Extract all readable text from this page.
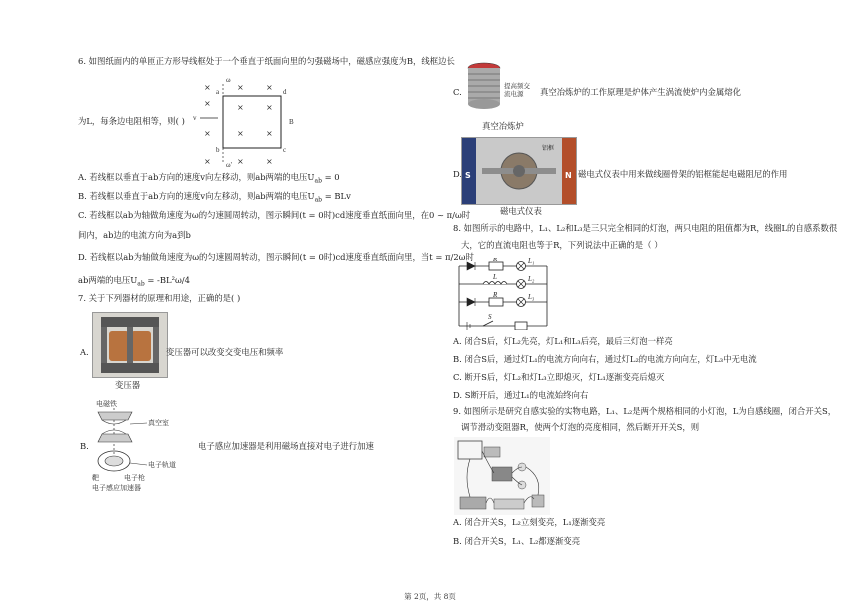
6. 如图纸面内的单匝正方形导线框处于一个垂直于纸面向里的匀强磁场中，磁感应强度为B，线框边长
ω
ω'
a	d
b	c
v	B
×	×	×
×	×	×
×	×	×
×	×	×
为L，每条边电阻相等，则( )
A. 若线框以垂直于ab方向的速度v向左移动，则ab两端的电压$U_{ab} = 0$
B. 若线框以垂直于ab方向的速度v向左移动，则ab两端的电压$U_{ab}$ = BLv
C. 若线框以ab为轴做角速度为ω的匀速圆周转动，图示瞬间(t = 0时)cd速度垂直纸面向里，在0 ~ π/ω时
间内，ab边的电流方向为a到b
D. 若线框以ab为轴做角速度为ω的匀速圆周转动，图示瞬间(t = 0时)cd速度垂直纸面向里，当t = π/2ω时
ab两端的电压$U_{ab} = -BL^2\omega/4$
7. 关于下列器材的原理和用途，正确的是( )
A.	变压器可以改变交变电压和频率
变压器
B.
电磁铁
真空室
电子轨道
靶	电子枪
电子感应加速器
电子感应加速器是利用磁场直接对电子进行加速
C.
提高频交
流电源 真空冶炼炉的工作原理是炉体产生涡流使炉内金属熔化
真空冶炼炉
D. S	N
铝框
磁电式仪表中用来做线圈骨架的铝框能起电磁阻尼的作用
磁电式仪表
8. 如图所示的电路中，L₁、L₂和L₃是三只完全相同的灯泡，两只电阻的阻值都为R，线圈L的自感系数很
大，它的直流电阻也等于R，下列说法中正确的是（ ）
R
L
R
L₁
L₂
L₃
S
A. 闭合S后，灯L₂先亮，灯L₁和L₃后亮，最后三灯泡一样亮
B. 闭合S后，通过灯L₁的电流方向向右，通过灯L₂的电流方向向左，灯L₃中无电流
C. 断开S后，灯L₂和灯L₃立即熄灭，灯L₁逐渐变亮后熄灭
D. S断开后，通过L₁的电流始终向右
9. 如图所示是研究自感实验的实物电路，L₁、L₂是两个规格相同的小灯泡，L为自感线圈，闭合开关S，
调节滑动变阻器R，使两个灯泡的亮度相同，然后断开开关S，则
A. 闭合开关S，L₂立刻变亮，L₁逐渐变亮
B. 闭合开关S，L₁、L₂都逐渐变亮
第 2页，共 8页
